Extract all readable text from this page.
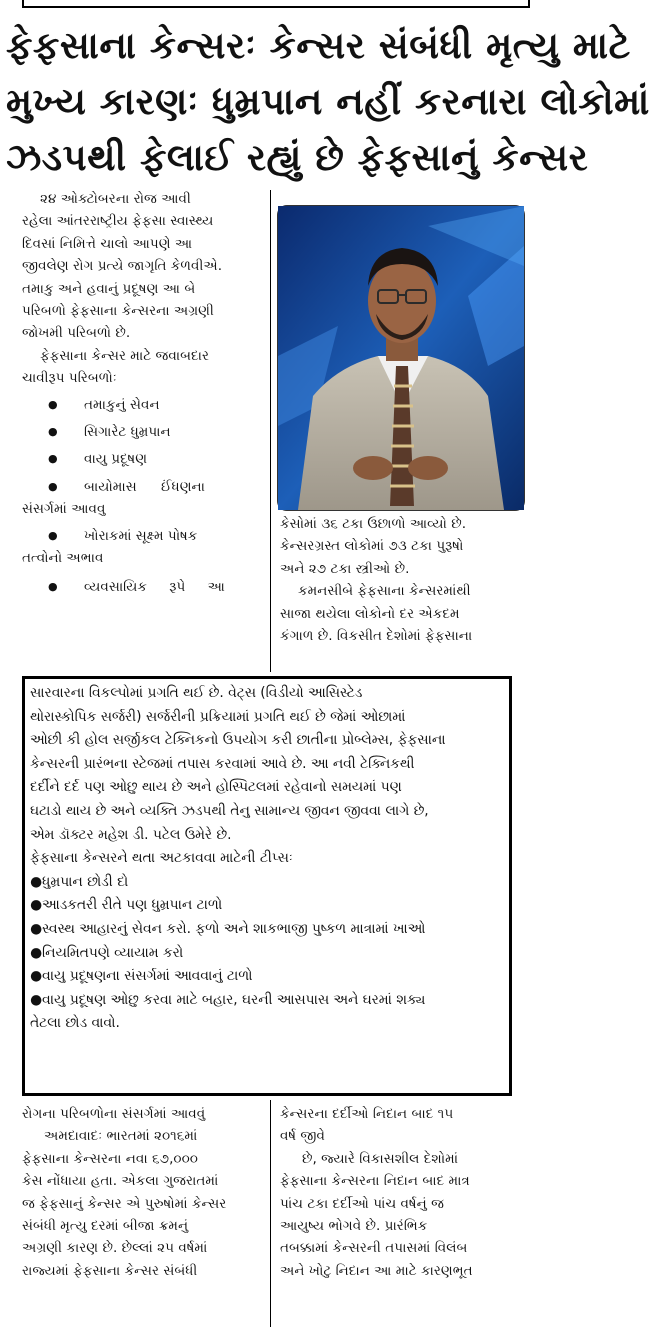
ફેફસાના કેન્સરઃ કેન્સર સંબંધી મૃત્યુ માટે
મુખ્ય કારણઃ ધુમ્રપાન નહીં કરનારા લોકોમાં
ઝડપથી ફેલાઈ રહ્યું છે ફેફસાનું કેન્સર

૨૪ ઓક્ટોબરના રોજ આવી

રહેલા આંતરરાષ્ટ્રીય ફેફસા સ્વાસ્થ્ય

દિવસાં નિમિત્તે ચાલો આપણે આ

જીવલેણ રોગ પ્રત્યે જાગૃતિ કેળવીએ.

તમાકુ અને હવાનું પ્રદૂષણ આ બે

પરિબળો ફેફસાના કેન્સરના અગ્રણી

જોખમી પરિબળો છે.

ફેફસાના કેન્સર માટે જવાબદાર

ચાવીરૂપ પરિબળોઃ

● તમાકુનું સેવન

● સિગારેટ ધુમ્રપાન

● વાયુ પ્રદૂષણ

● બાયોમાસ ઈંધણના

સંસર્ગમાં આવવુ

● ખોરાકમાં સૂક્ષ્મ પોષક

તત્વોનો અભાવ

● વ્યવસાયિક રૂપે આ

કેસોમાં ૩૬ ટકા ઉછાળો આવ્યો છે.

કેન્સરગ્રસ્ત લોકોમાં ૭૩ ટકા પુરૂષો

અને ૨૭ ટકા સ્ત્રીઓ છે.

કમનસીબે ફેફસાના કેન્સરમાંથી

સાજા થયેલા લોકોનો દર એકદમ

કંગાળ છે. વિકસીત દેશોમાં ફેફસાના

સારવારના વિકલ્પોમાં પ્રગતિ થઈ છે. વેટ્સ (વિડીયો આસિસ્ટેડ

થોરાસ્કોપિક સર્જરી) સર્જરીની પ્રક્રિયામાં પ્રગતિ થઈ છે જેમાં ઓછામાં

ઓછી કી હોલ સર્જીકલ ટેક્નિકનો ઉપયોગ કરી છાતીના પ્રોબ્લેમ્સ, ફેફસાના

કેન્સરની પ્રારંભના સ્ટેજમાં તપાસ કરવામાં આવે છે. આ નવી ટેક્નિકથી

દર્દીને દર્દ પણ ઓછુ થાય છે અને હોસ્પિટલમાં રહેવાનો સમયમાં પણ

ઘટાડો થાય છે અને વ્યક્તિ ઝડપથી તેનુ સામાન્ય જીવન જીવવા લાગે છે,

એમ ડૉક્ટર મહેશ ડી. પટેલ ઉમેરે છે.

ફેફસાના કેન્સરને થતા અટકાવવા માટેની ટીપ્સઃ

●ધુમ્રપાન છોડી દો

●આડકતરી રીતે પણ ધુમ્રપાન ટાળો

●સ્વસ્થ આહારનું સેવન કરો. ફળો અને શાકભાજી પુષ્કળ માત્રામાં ખાઓ

●નિયમિતપણે વ્યાયામ કરો

●વાયુ પ્રદૂષણના સંસર્ગમાં આવવાનું ટાળો

●વાયુ પ્રદૂષણ ઓછુ કરવા માટે બહાર, ઘરની આસપાસ અને ઘરમાં શક્ય

તેટલા છોડ વાવો.

રોગના પરિબળોના સંસર્ગમાં આવવું

અમદાવાદઃ ભારતમાં ૨૦૧૬માં

ફેફસાના કેન્સરના નવા ૬૭,૦૦૦

કેસ નોંધાયા હતા. એકલા ગુજરાતમાં

જ ફેફસાનું કેન્સર એ પુરુષોમાં કેન્સર

સંબંધી મૃત્યુ દરમાં બીજા ક્રમનું

અગ્રણી કારણ છે. છેલ્લાં ૨૫ વર્ષમાં

રાજ્યમાં ફેફસાના કેન્સર સંબંધી

કેન્સરના દર્દીઓ નિદાન બાદ ૧૫

વર્ષ જીવે

છે, જ્યારે વિકાસશીલ દેશોમાં

ફેફસાના કેન્સરના નિદાન બાદ માત્ર

પાંચ ટકા દર્દીઓ પાંચ વર્ષનું જ

આયુષ્ય ભોગવે છે. પ્રારંભિક

તબક્કામાં કેન્સરની તપાસમાં વિલંબ

અને ખોટુ નિદાન આ માટે કારણભૂત
